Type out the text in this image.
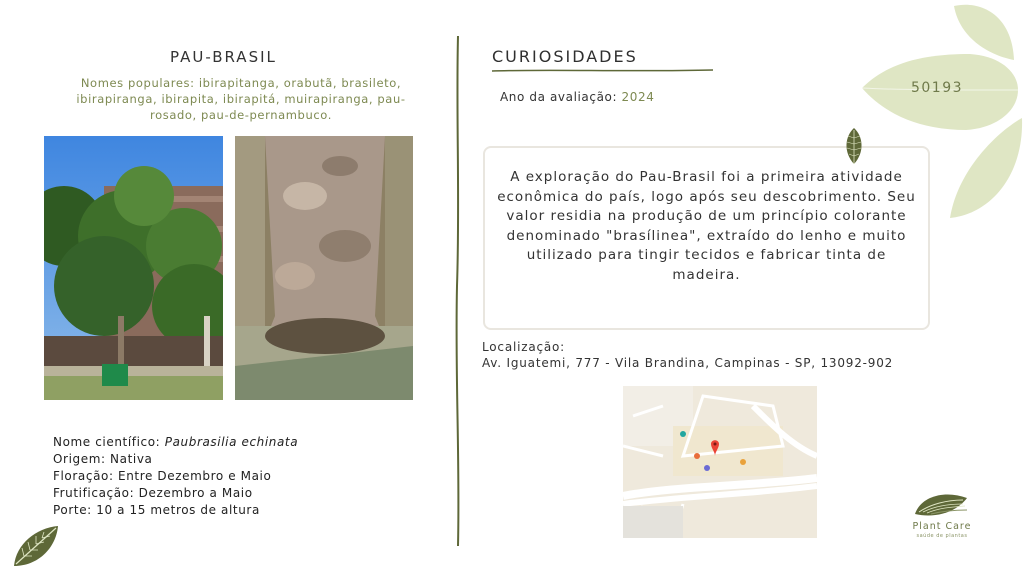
50193
PAU-BRASIL
Nomes populares: ibirapitanga, orabutã, brasileto, ibirapiranga, ibirapita, ibirapitá, muirapiranga, pau-rosado, pau-de-pernambuco.
Nome científico: Paubrasilia echinata
Origem: Nativa
Floração: Entre Dezembro e Maio
Frutificação: Dezembro a Maio
Porte: 10 a 15 metros de altura
CURIOSIDADES
Ano da avaliação: 2024
A exploração do Pau-Brasil foi a primeira atividade econômica do país, logo após seu descobrimento. Seu valor residia na produção de um princípio colorante denominado "brasílinea", extraído do lenho e muito utilizado para tingir tecidos e fabricar tinta de madeira.
Localização:
Av. Iguatemi, 777 - Vila Brandina, Campinas - SP, 13092-902
Plant Care
saúde de plantas
